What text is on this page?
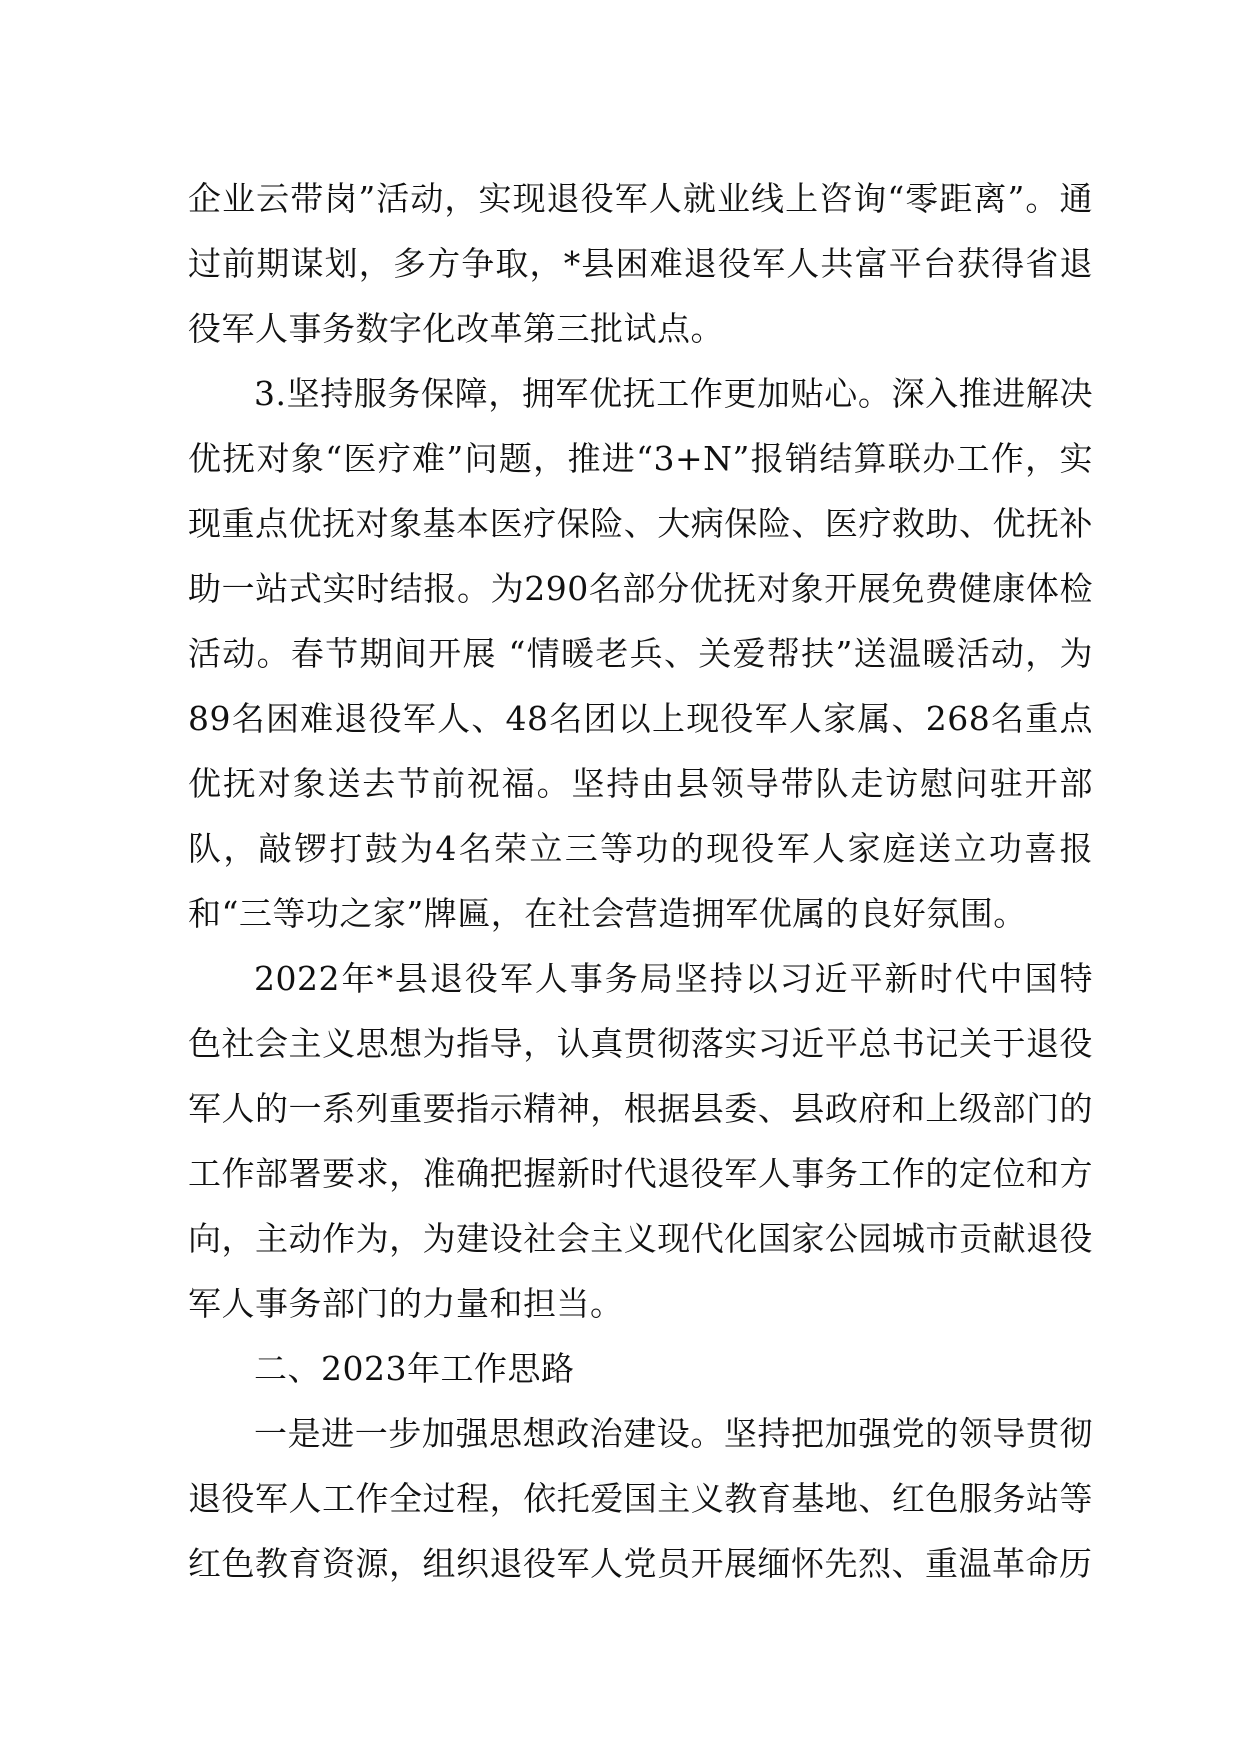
企业云带岗”活动，实现退役军人就业线上咨询“零距离”。通过前期谋划，多方争取，*县困难退役军人共富平台获得省退役军人事务数字化改革第三批试点。

3.坚持服务保障，拥军优抚工作更加贴心。深入推进解决优抚对象“医疗难”问题，推进“3+N”报销结算联办工作，实现重点优抚对象基本医疗保险、大病保险、医疗救助、优抚补助一站式实时结报。为290名部分优抚对象开展免费健康体检活动。春节期间开展 “情暖老兵、关爱帮扶”送温暖活动，为89名困难退役军人、48名团以上现役军人家属、268名重点优抚对象送去节前祝福。坚持由县领导带队走访慰问驻开部队，敲锣打鼓为4名荣立三等功的现役军人家庭送立功喜报和“三等功之家”牌匾，在社会营造拥军优属的良好氛围。

2022年*县退役军人事务局坚持以习近平新时代中国特色社会主义思想为指导，认真贯彻落实习近平总书记关于退役军人的一系列重要指示精神，根据县委、县政府和上级部门的工作部署要求，准确把握新时代退役军人事务工作的定位和方向，主动作为，为建设社会主义现代化国家公园城市贡献退役军人事务部门的力量和担当。

二、2023年工作思路

一是进一步加强思想政治建设。坚持把加强党的领导贯彻退役军人工作全过程，依托爱国主义教育基地、红色服务站等红色教育资源，组织退役军人党员开展缅怀先烈、重温革命历
